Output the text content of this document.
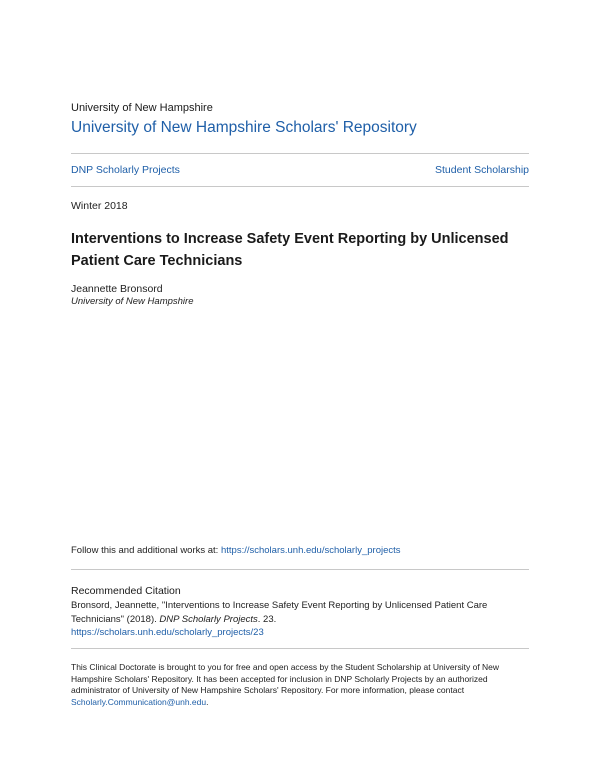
University of New Hampshire
University of New Hampshire Scholars' Repository
DNP Scholarly Projects	Student Scholarship
Winter 2018
Interventions to Increase Safety Event Reporting by Unlicensed Patient Care Technicians
Jeannette Bronsord
University of New Hampshire
Follow this and additional works at: https://scholars.unh.edu/scholarly_projects
Recommended Citation
Bronsord, Jeannette, "Interventions to Increase Safety Event Reporting by Unlicensed Patient Care Technicians" (2018). DNP Scholarly Projects. 23.
https://scholars.unh.edu/scholarly_projects/23
This Clinical Doctorate is brought to you for free and open access by the Student Scholarship at University of New Hampshire Scholars' Repository. It has been accepted for inclusion in DNP Scholarly Projects by an authorized administrator of University of New Hampshire Scholars' Repository. For more information, please contact Scholarly.Communication@unh.edu.
